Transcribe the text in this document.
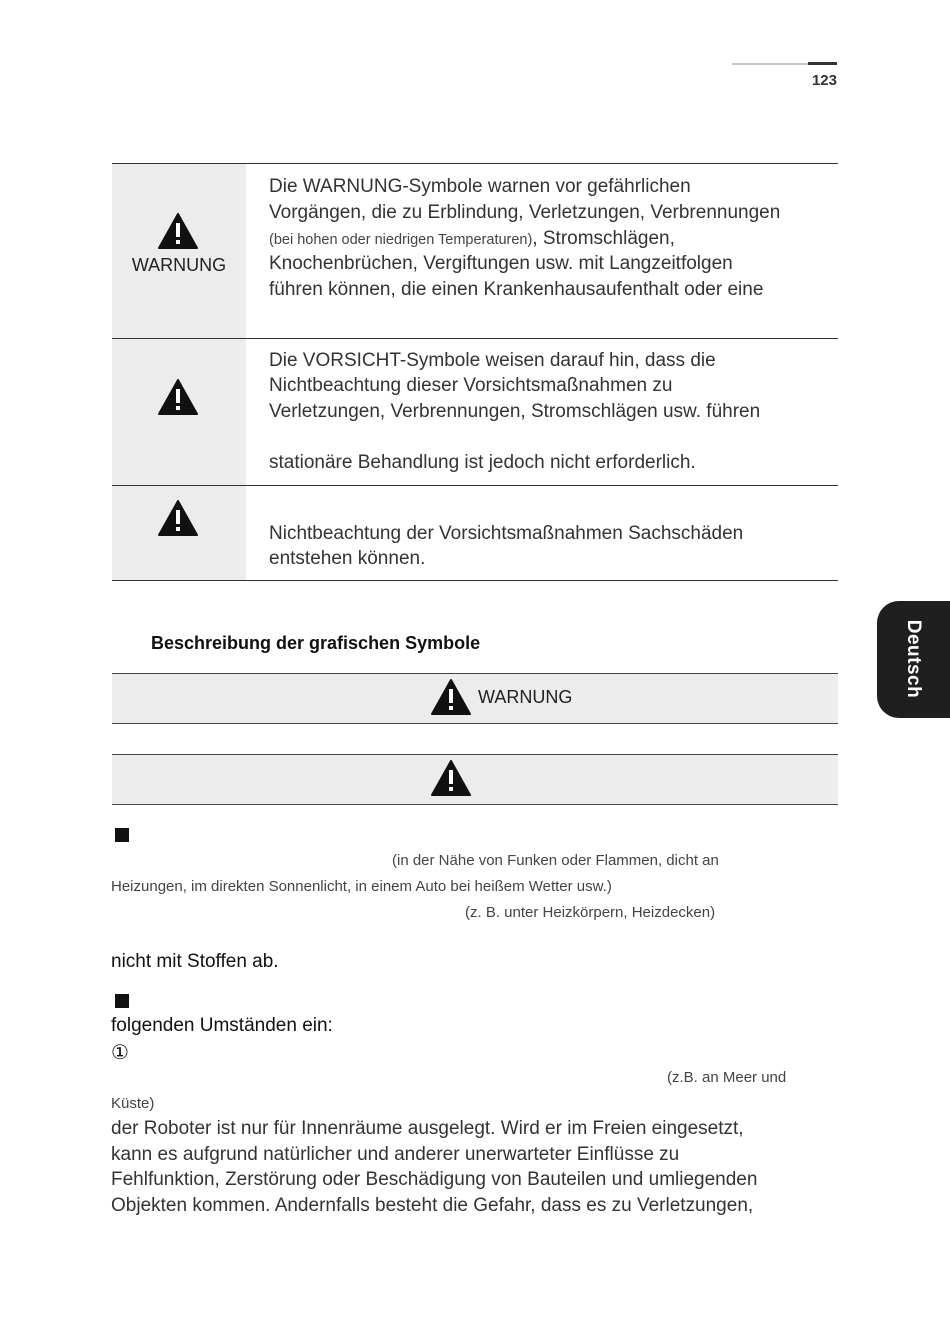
123
Deutsch
WARNUNG
Die WARNUNG-Symbole warnen vor gefährlichen
Vorgängen, die zu Erblindung, Verletzungen, Verbrennungen
(bei hohen oder niedrigen Temperaturen), Stromschlägen,
Knochenbrüchen, Vergiftungen usw. mit Langzeitfolgen
führen können, die einen Krankenhausaufenthalt oder eine
Die VORSICHT-Symbole weisen darauf hin, dass die
Nichtbeachtung dieser Vorsichtsmaßnahmen zu
Verletzungen, Verbrennungen, Stromschlägen usw. führen
stationäre Behandlung ist jedoch nicht erforderlich.
Nichtbeachtung der Vorsichtsmaßnahmen Sachschäden
entstehen können.
Beschreibung der grafischen Symbole
WARNUNG
(in der Nähe von Funken oder Flammen, dicht an
Heizungen, im direkten Sonnenlicht, in einem Auto bei heißem Wetter usw.)
(z. B. unter Heizkörpern, Heizdecken)
nicht mit Stoffen ab.
folgenden Umständen ein:
①
(z.B. an Meer und
Küste)
der Roboter ist nur für Innenräume ausgelegt. Wird er im Freien eingesetzt,
kann es aufgrund natürlicher und anderer unerwarteter Einflüsse zu
Fehlfunktion, Zerstörung oder Beschädigung von Bauteilen und umliegenden
Objekten kommen. Andernfalls besteht die Gefahr, dass es zu Verletzungen,
